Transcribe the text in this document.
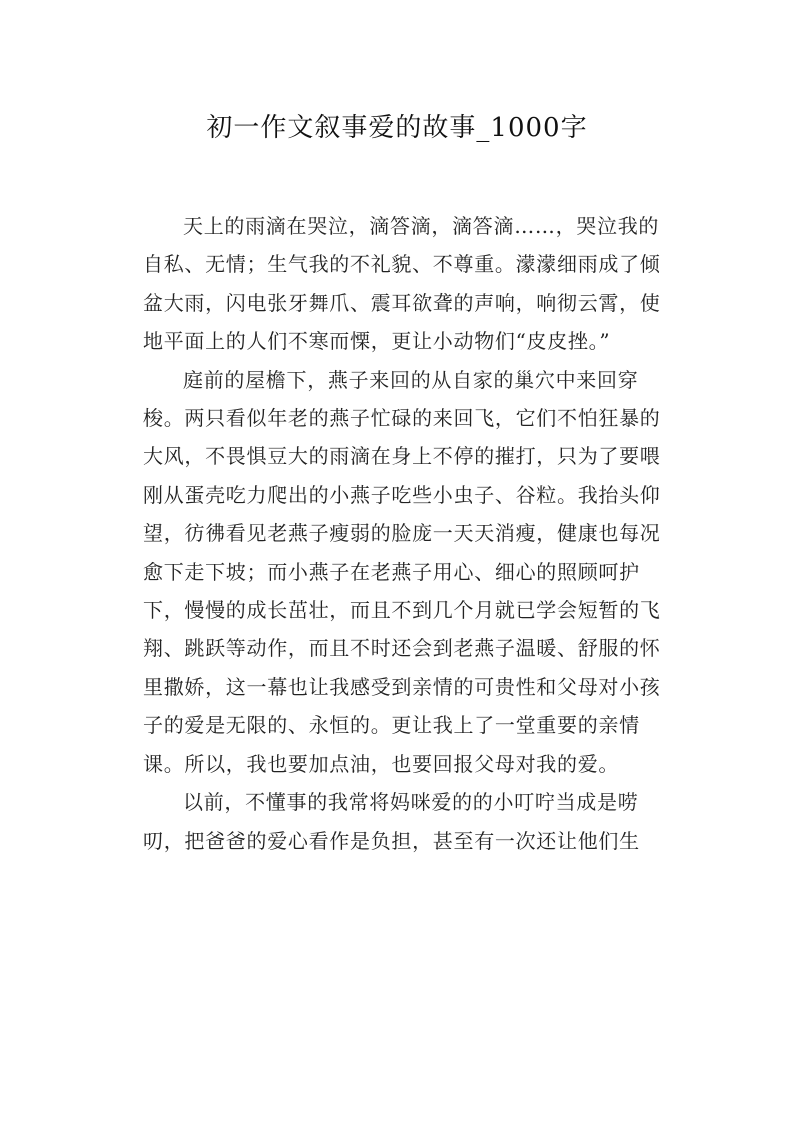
初一作文叙事爱的故事_1000字

天上的雨滴在哭泣，滴答滴，滴答滴……，哭泣我的自私、无情；生气我的不礼貌、不尊重。濛濛细雨成了倾盆大雨，闪电张牙舞爪、震耳欲聋的声响，响彻云霄，使地平面上的人们不寒而慄，更让小动物们“皮皮挫。”

庭前的屋檐下，燕子来回的从自家的巢穴中来回穿梭。两只看似年老的燕子忙碌的来回飞，它们不怕狂暴的大风，不畏惧豆大的雨滴在身上不停的摧打，只为了要喂刚从蛋壳吃力爬出的小燕子吃些小虫子、谷粒。我抬头仰望，彷彿看见老燕子瘦弱的脸庞一天天消瘦，健康也每况愈下走下坡；而小燕子在老燕子用心、细心的照顾呵护下，慢慢的成长茁壮，而且不到几个月就已学会短暂的飞翔、跳跃等动作，而且不时还会到老燕子温暖、舒服的怀里撒娇，这一幕也让我感受到亲情的可贵性和父母对小孩子的爱是无限的、永恒的。更让我上了一堂重要的亲情课。所以，我也要加点油，也要回报父母对我的爱。

以前，不懂事的我常将妈咪爱的的小叮咛当成是唠叨，把爸爸的爱心看作是负担，甚至有一次还让他们生
